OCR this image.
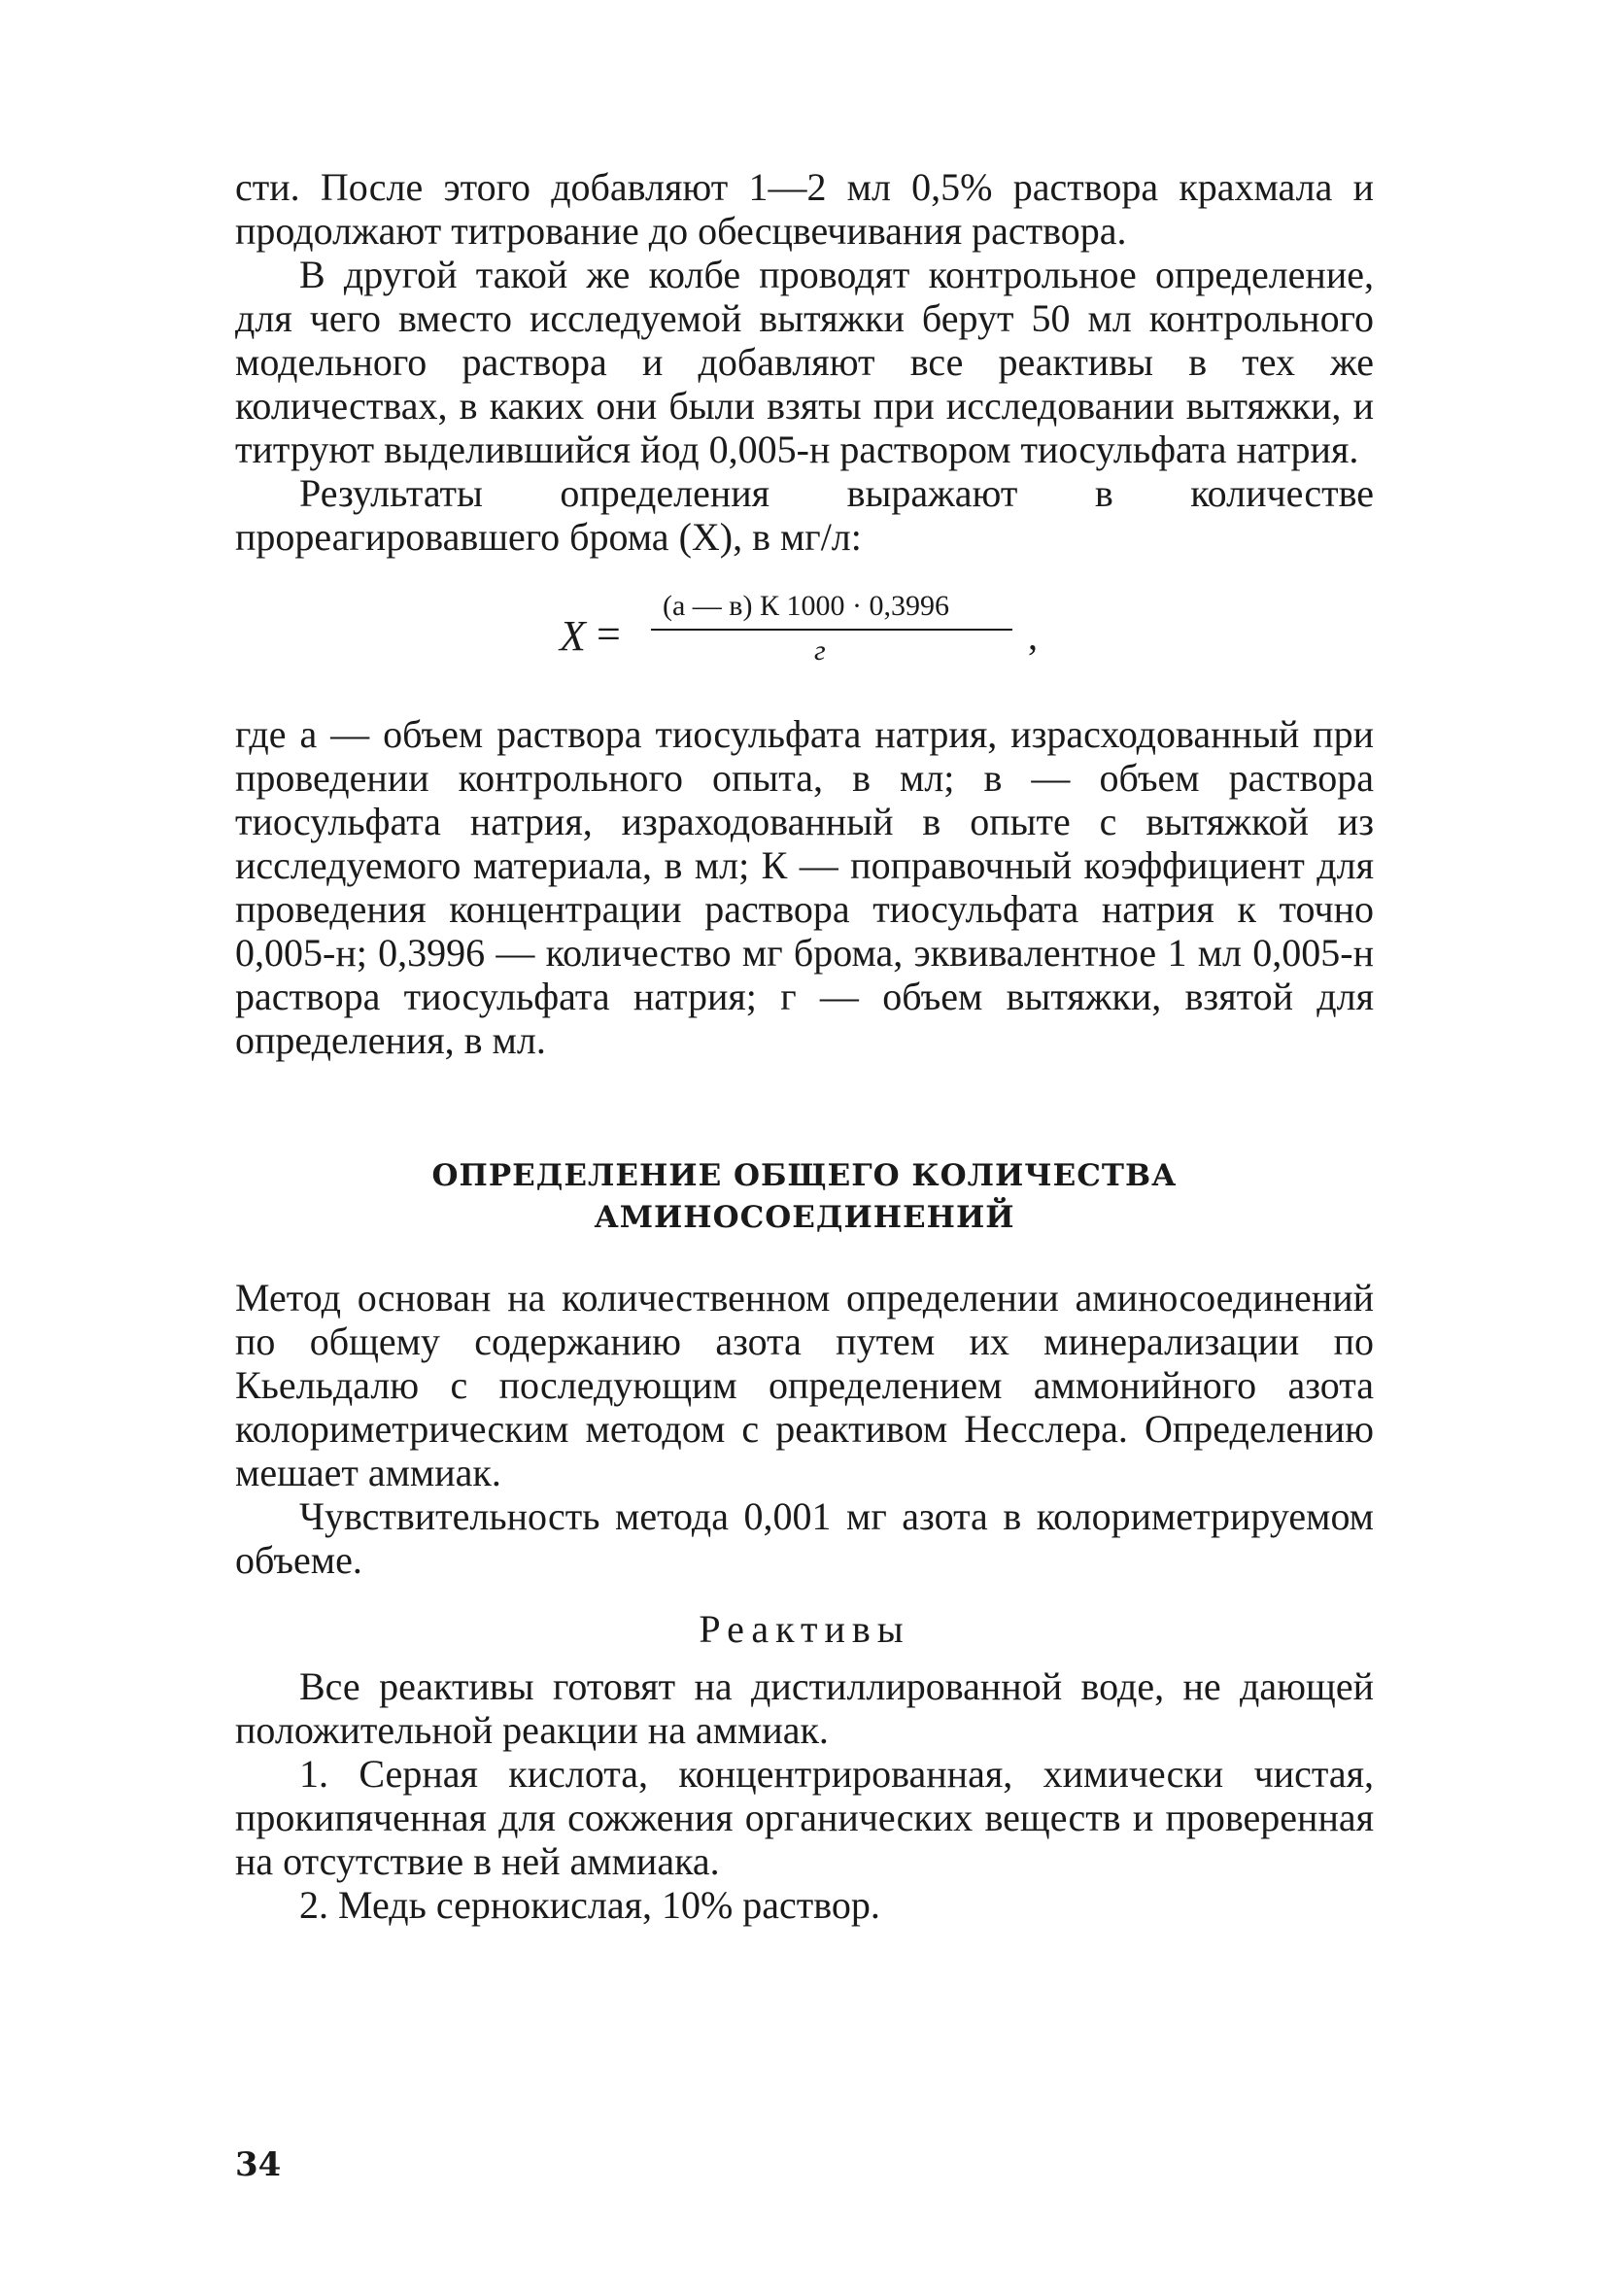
сти. После этого добавляют 1—2 мл 0,5% раствора крахмала и продолжают титрование до обесцвечивания раствора.

В другой такой же колбе проводят контрольное определение, для чего вместо исследуемой вытяжки берут 50 мл контрольного модельного раствора и добавляют все реактивы в тех же количествах, в каких они были взяты при исследовании вытяжки, и титруют выделившийся йод 0,005-н раствором тиосульфата натрия.

Результаты определения выражают в количестве прореагировавшего брома (X), в мг/л:

X =
(а — в) К 1000 · 0,3996
г	,

где а — объем раствора тиосульфата натрия, израсходованный при проведении контрольного опыта, в мл; в — объем раствора тиосульфата натрия, израходованный в опыте с вытяжкой из исследуемого материала, в мл; К — поправочный коэффициент для проведения концентрации раствора тиосульфата натрия к точно 0,005-н; 0,3996 — количество мг брома, эквивалентное 1 мл 0,005-н раствора тиосульфата натрия; г — объем вытяжки, взятой для определения, в мл.

ОПРЕДЕЛЕНИЕ ОБЩЕГО КОЛИЧЕСТВА
АМИНОСОЕДИНЕНИЙ

Метод основан на количественном определении аминосоединений по общему содержанию азота путем их минерализации по Кьельдалю с последующим определением аммонийного азота колориметрическим методом с реактивом Несслера. Определению мешает аммиак.

Чувствительность метода 0,001 мг азота в колориметрируемом объеме.

Реактивы

Все реактивы готовят на дистиллированной воде, не дающей положительной реакции на аммиак.

1. Серная кислота, концентрированная, химически чистая, прокипяченная для сожжения органических веществ и проверенная на отсутствие в ней аммиака.

2. Медь сернокислая, 10% раствор.

34
